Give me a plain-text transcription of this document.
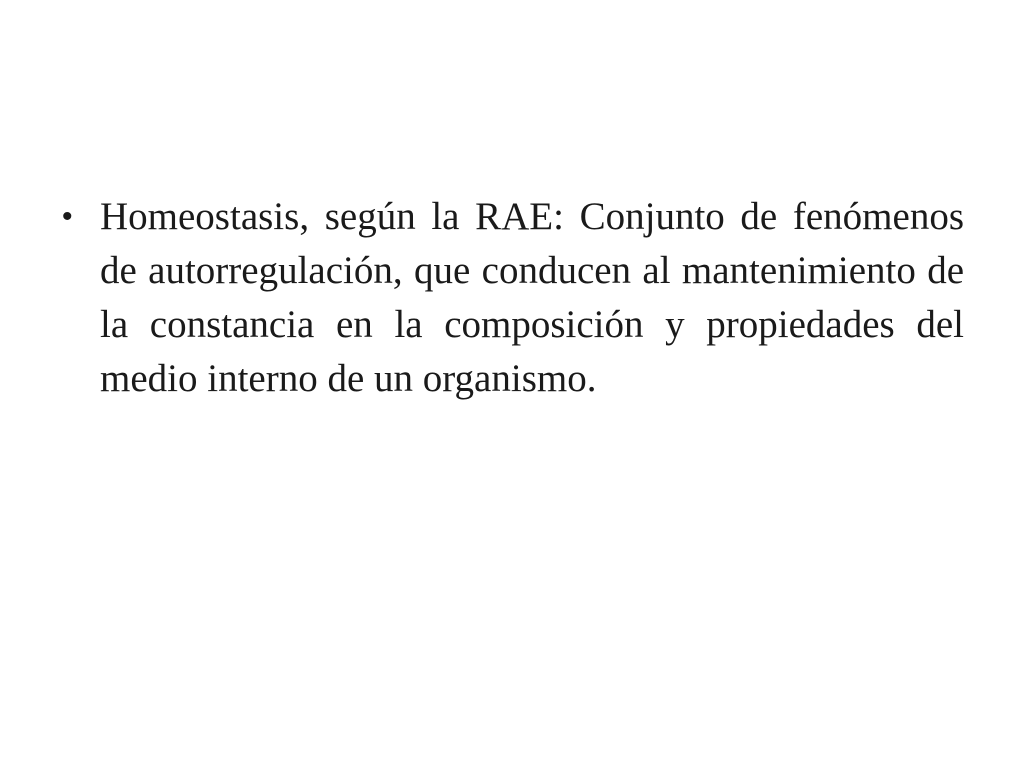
• Homeostasis, según la RAE: Conjunto de fenómenos de autorregulación, que conducen al mantenimiento de la constancia en la composición y propiedades del medio interno de un organismo.
